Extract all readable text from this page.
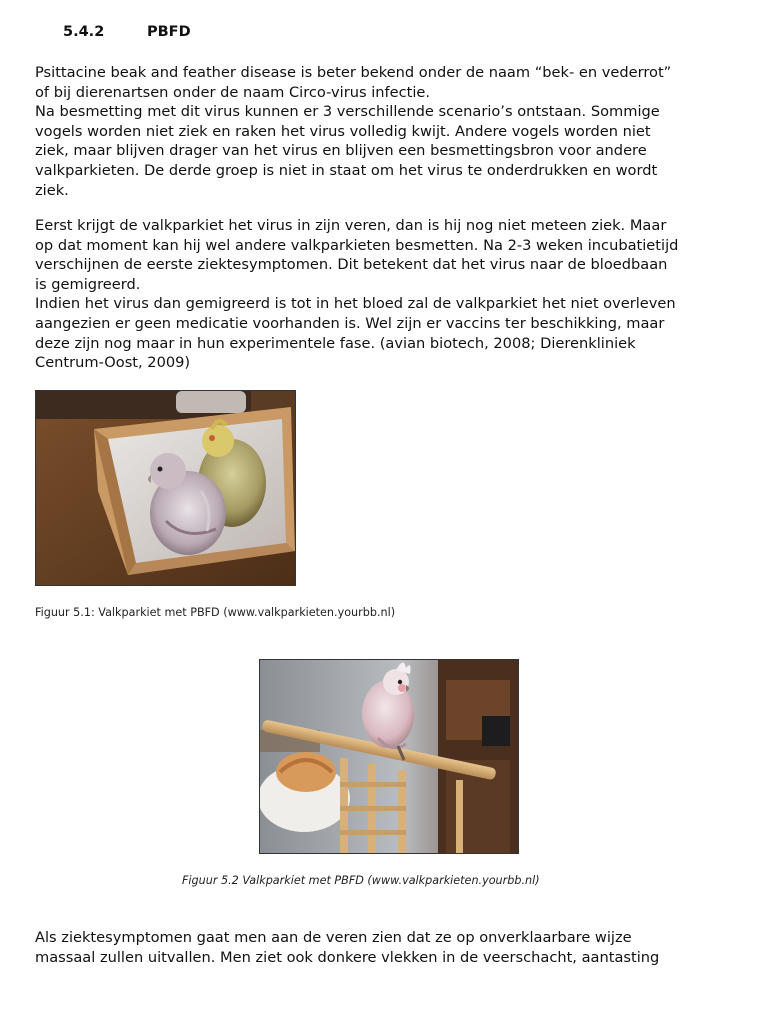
5.4.2	PBFD

Psittacine beak and feather disease is beter bekend onder de naam “bek- en vederrot”
of bij dierenartsen onder de naam Circo-virus infectie.
Na besmetting met dit virus kunnen er 3 verschillende scenario’s ontstaan. Sommige
vogels worden niet ziek en raken het virus volledig kwijt. Andere vogels worden niet
ziek, maar blijven drager van het virus en blijven een besmettingsbron voor andere
valkparkieten. De derde groep is niet in staat om het virus te onderdrukken en wordt
ziek.

Eerst krijgt de valkparkiet het virus in zijn veren, dan is hij nog niet meteen ziek. Maar
op dat moment kan hij wel andere valkparkieten besmetten. Na 2-3 weken incubatietijd
verschijnen de eerste ziektesymptomen. Dit betekent dat het virus naar de bloedbaan
is gemigreerd.
Indien het virus dan gemigreerd is tot in het bloed zal de valkparkiet het niet overleven
aangezien er geen medicatie voorhanden is. Wel zijn er vaccins ter beschikking, maar
deze zijn nog maar in hun experimentele fase. (avian biotech, 2008; Dierenkliniek
Centrum-Oost, 2009)

Figuur 5.1: Valkparkiet met PBFD (www.valkparkieten.yourbb.nl)
Figuur 5.2 Valkparkiet met PBFD (www.valkparkieten.yourbb.nl)

Als ziektesymptomen gaat men aan de veren zien dat ze op onverklaarbare wijze
massaal zullen uitvallen. Men ziet ook donkere vlekken in de veerschacht, aantasting
